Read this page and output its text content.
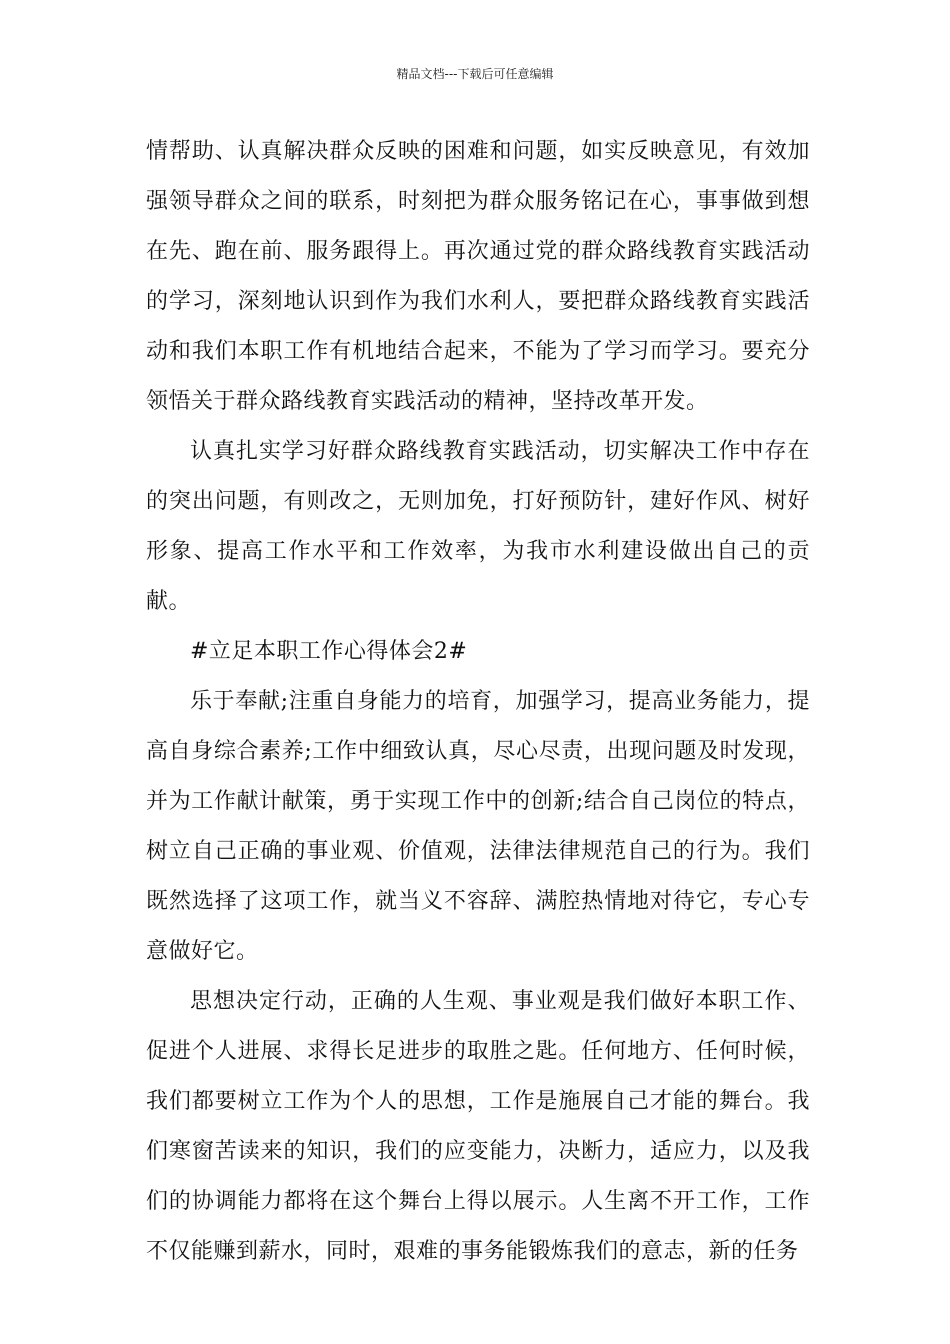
精品文档---下载后可任意编辑

情帮助、认真解决群众反映的困难和问题，如实反映意见，有效加强领导群众之间的联系，时刻把为群众服务铭记在心，事事做到想在先、跑在前、服务跟得上。再次通过党的群众路线教育实践活动的学习，深刻地认识到作为我们水利人，要把群众路线教育实践活动和我们本职工作有机地结合起来，不能为了学习而学习。要充分领悟关于群众路线教育实践活动的精神，坚持改革开发。

认真扎实学习好群众路线教育实践活动，切实解决工作中存在的突出问题，有则改之，无则加免，打好预防针，建好作风、树好形象、提高工作水平和工作效率，为我市水利建设做出自己的贡献。

#立足本职工作心得体会2#

乐于奉献;注重自身能力的培育，加强学习，提高业务能力，提高自身综合素养;工作中细致认真，尽心尽责，出现问题及时发现，并为工作献计献策，勇于实现工作中的创新;结合自己岗位的特点，树立自己正确的事业观、价值观，法律法律规范自己的行为。我们既然选择了这项工作，就当义不容辞、满腔热情地对待它，专心专意做好它。

思想决定行动，正确的人生观、事业观是我们做好本职工作、促进个人进展、求得长足进步的取胜之匙。任何地方、任何时候，我们都要树立工作为个人的思想，工作是施展自己才能的舞台。我们寒窗苦读来的知识，我们的应变能力，决断力，适应力，以及我们的协调能力都将在这个舞台上得以展示。人生离不开工作，工作不仅能赚到薪水，同时，艰难的事务能锻炼我们的意志，新的任务
